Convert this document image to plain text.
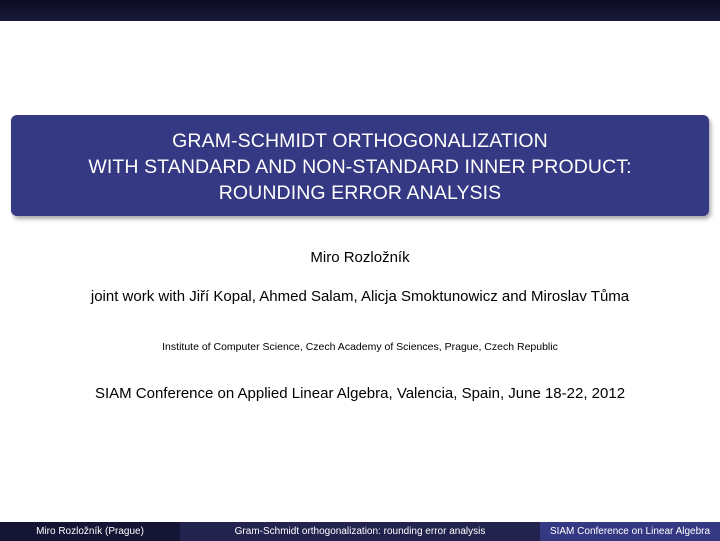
GRAM-SCHMIDT ORTHOGONALIZATION
WITH STANDARD AND NON-STANDARD INNER PRODUCT:
ROUNDING ERROR ANALYSIS
Miro Rozložník
joint work with Jiří Kopal, Ahmed Salam, Alicja Smoktunowicz and Miroslav Tůma
Institute of Computer Science, Czech Academy of Sciences, Prague, Czech Republic
SIAM Conference on Applied Linear Algebra, Valencia, Spain, June 18-22, 2012
Miro Rozložník (Prague)	Gram-Schmidt orthogonalization: rounding error analysis	SIAM Conference on Linear Algebra
